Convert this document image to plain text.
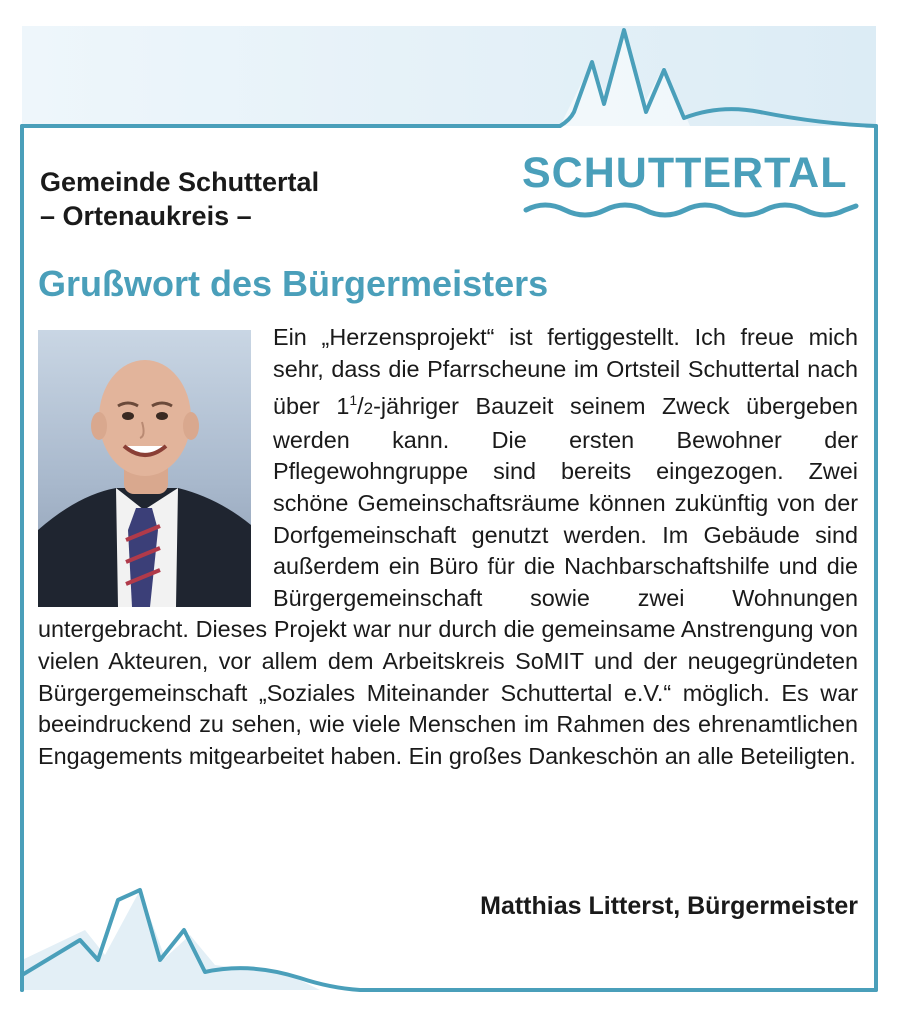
Gemeinde Schuttertal
– Ortenaukreis –
SCHUTTERTAL
Grußwort des Bürgermeisters
Ein „Herzensprojekt“ ist fertiggestellt. Ich freue mich sehr, dass die Pfarrscheune im Ortsteil Schuttertal nach über $1^1/2$-jähriger Bauzeit seinem Zweck übergeben werden kann. Die ersten Bewohner der Pflegewohngruppe sind bereits eingezogen. Zwei schöne Gemeinschaftsräume können zukünftig von der Dorfgemeinschaft genutzt werden. Im Gebäude sind außerdem ein Büro für die Nachbarschaftshilfe und die Bürgergemeinschaft sowie zwei Wohnungen untergebracht. Dieses Projekt war nur durch die gemeinsame Anstrengung von vielen Akteuren, vor allem dem Arbeitskreis SoMIT und der neugegründeten Bürgergemeinschaft „Soziales Miteinander Schuttertal e.V.“ möglich. Es war beeindruckend zu sehen, wie viele Menschen im Rahmen des ehrenamtlichen Engagements mitgearbeitet haben. Ein großes Dankeschön an alle Beteiligten.
Matthias Litterst, Bürgermeister
